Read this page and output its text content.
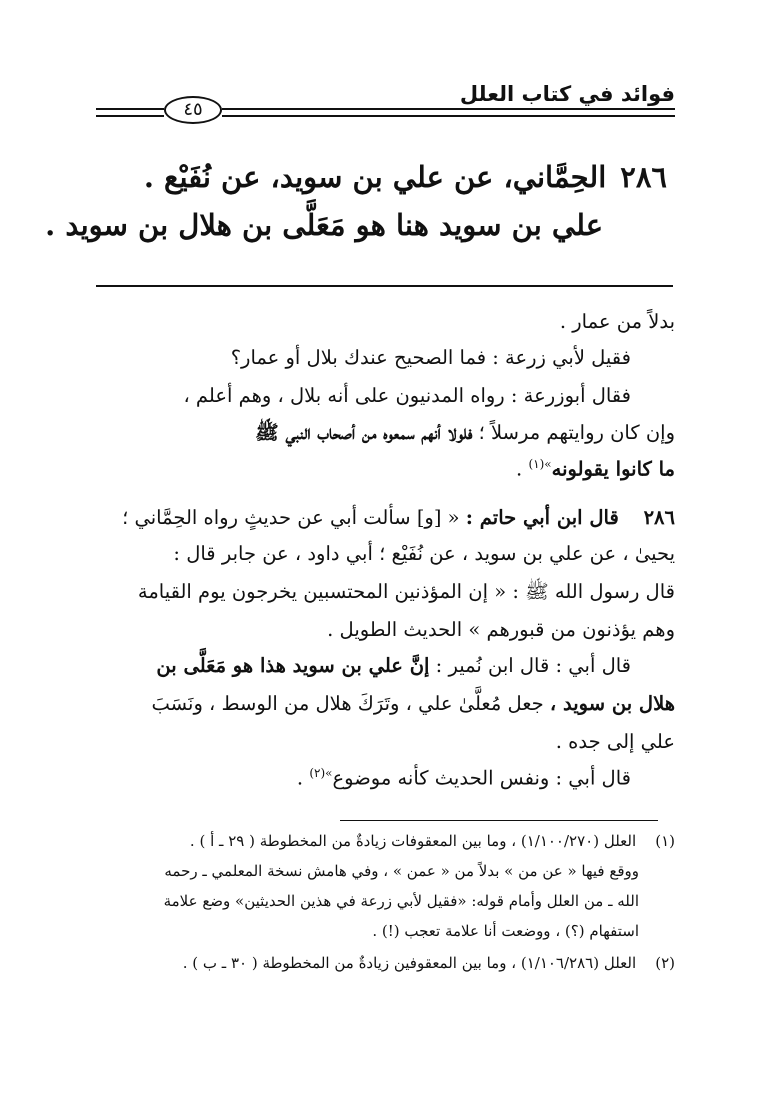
فوائد في كتاب العلل
٤٥
٢٨٦الحِمَّاني، عن علي بن سويد، عن نُفَيْع .
علي بن سويد هنا هو مَعَلَّى بن هلال بن سويد .
بدلاً من عمار .
فقيل لأبي زرعة : فما الصحيح عندك بلال أو عمار؟
فقال أبوزرعة : رواه المدنيون على أنه بلال ، وهم أعلم ،
وإن كان روايتهم مرسلاً ؛ فلولا أنهم سمعوه من أصحاب النبي ﷺ
ما كانوا يقولونه$^{»(١)}$ .
٢٨٦    قال ابن أبي حاتم : « [و] سألت أبي عن حديثٍ رواه الحِمَّاني ؛
يحيىٰ ، عن علي بن سويد ، عن نُفَيْع ؛ أبي داود ، عن جابر قال :
قال رسول الله ﷺ : « إن المؤذنين المحتسبين يخرجون يوم القيامة
وهم يؤذنون من قبورهم » الحديث الطويل .
قال أبي : قال ابن نُمير : إنَّ علي بن سويد هذا هو مَعَلَّى بن
هلال بن سويد ، جعل مُعلَّىٰ علي ، وتَرَكَ هلال من الوسط ، ونَسَبَ
علي إلى جده .
قال أبي : ونفس الحديث كأنه موضوع$^{»(٢)}$ .
(١)    العلل (١/١٠٠/٢٧٠) ، وما بين المعقوفات زيادةٌ من المخطوطة ( ٢٩ ـ أ ) .
ووقع فيها « عن من » بدلاً من « عمن » ، وفي هامش نسخة المعلمي ـ رحمه
الله ـ من العلل وأمام قوله: «فقيل لأبي زرعة في هذين الحديثين» وضع علامة
استفهام (؟) ، ووضعت أنا علامة تعجب (!) .
(٢)    العلل (١/١٠٦/٢٨٦) ، وما بين المعقوفين زيادةٌ من المخطوطة ( ٣٠ ـ ب ) .
